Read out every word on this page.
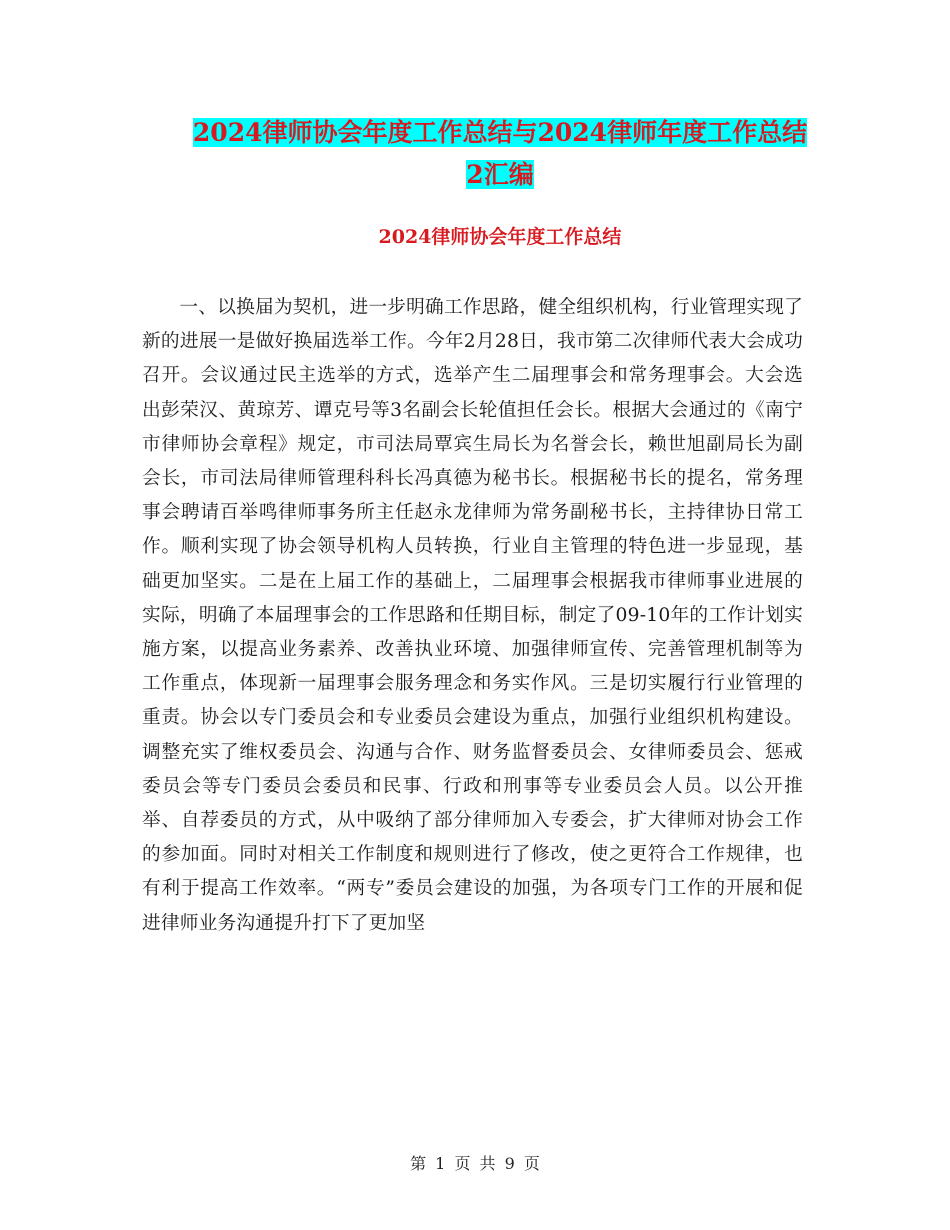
2024律师协会年度工作总结与2024律师年度工作总结
2汇编
2024律师协会年度工作总结

一、以换届为契机，进一步明确工作思路，健全组织机构，行业管理实现了新的进展一是做好换届选举工作。今年2月28日，我市第二次律师代表大会成功召开。会议通过民主选举的方式，选举产生二届理事会和常务理事会。大会选出彭荣汉、黄琼芳、谭克号等3名副会长轮值担任会长。根据大会通过的《南宁市律师协会章程》规定，市司法局覃宾生局长为名誉会长，赖世旭副局长为副会长，市司法局律师管理科科长冯真德为秘书长。根据秘书长的提名，常务理事会聘请百举鸣律师事务所主任赵永龙律师为常务副秘书长，主持律协日常工作。顺利实现了协会领导机构人员转换，行业自主管理的特色进一步显现，基础更加坚实。二是在上届工作的基础上，二届理事会根据我市律师事业进展的实际，明确了本届理事会的工作思路和任期目标，制定了09-10年的工作计划实施方案，以提高业务素养、改善执业环境、加强律师宣传、完善管理机制等为工作重点，体现新一届理事会服务理念和务实作风。三是切实履行行业管理的重责。协会以专门委员会和专业委员会建设为重点，加强行业组织机构建设。调整充实了维权委员会、沟通与合作、财务监督委员会、女律师委员会、惩戒委员会等专门委员会委员和民事、行政和刑事等专业委员会人员。以公开推举、自荐委员的方式，从中吸纳了部分律师加入专委会，扩大律师对协会工作的参加面。同时对相关工作制度和规则进行了修改，使之更符合工作规律，也有利于提高工作效率。“两专”委员会建设的加强，为各项专门工作的开展和促进律师业务沟通提升打下了更加坚

第 1 页 共 9 页
